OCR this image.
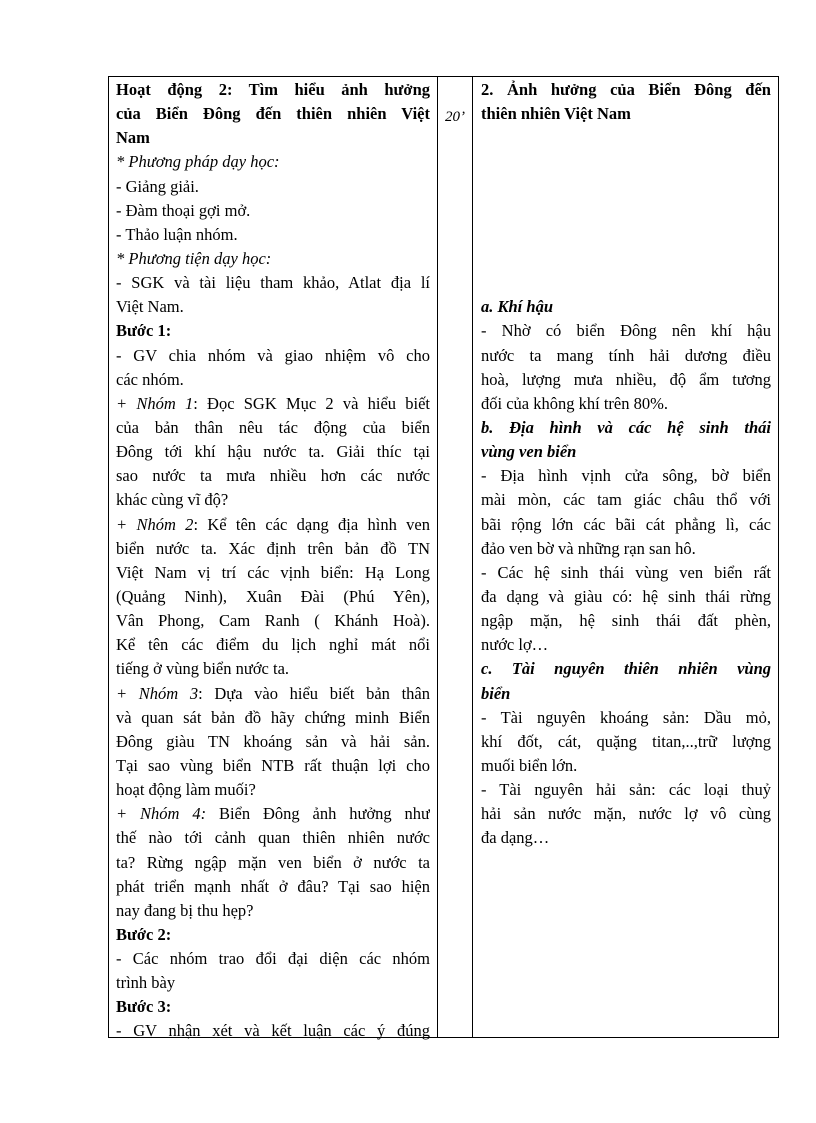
Hoạt động 2: Tìm hiểu ảnh hưởng
của Biển Đông đến thiên nhiên Việt
Nam
* Phương pháp dạy học:
- Giảng giải.
- Đàm thoại gợi mở.
- Thảo luận nhóm.
* Phương tiện dạy học:
- SGK và tài liệu tham khảo, Atlat địa lí
Việt Nam.
Bước 1:
- GV chia nhóm và giao nhiệm vô cho
các nhóm.
+ Nhóm 1: Đọc SGK Mục 2 và hiểu biết
của bản thân nêu tác động của biển
Đông tới khí hậu nước ta. Giải thíc tại
sao nước ta mưa nhiều hơn các nước
khác cùng vĩ độ?
+ Nhóm 2: Kể tên các dạng địa hình ven
biển nước ta. Xác định trên bản đồ TN
Việt Nam vị trí các vịnh biển: Hạ Long
(Quảng Ninh), Xuân Đài (Phú Yên),
Vân Phong, Cam Ranh ( Khánh Hoà).
Kể tên các điểm du lịch nghỉ mát nổi
tiếng ở vùng biển nước ta.
+ Nhóm 3: Dựa vào hiểu biết bản thân
và quan sát bản đồ hãy chứng minh Biển
Đông giàu TN khoáng sản và hải sản.
Tại sao vùng biển NTB rất thuận lợi cho
hoạt động làm muối?
+ Nhóm 4: Biển Đông ảnh hưởng như
thế nào tới cảnh quan thiên nhiên nước
ta? Rừng ngập mặn ven biển ở nước ta
phát triển mạnh nhất ở đâu? Tại sao hiện
nay đang bị thu hẹp?
Bước 2:
- Các nhóm trao đổi đại diện các nhóm
trình bày
Bước 3:
- GV nhận xét và kết luận các ý đúng
20’
2. Ảnh hưởng của Biển Đông đến
thiên nhiên Việt Nam
a. Khí hậu
- Nhờ có biển Đông nên khí hậu
nước ta mang tính hải dương điều
hoà, lượng mưa nhiều, độ ẩm tương
đối của không khí trên 80%.
b. Địa hình và các hệ sinh thái
vùng ven biển
- Địa hình vịnh cửa sông, bờ biển
mài mòn, các tam giác châu thổ với
bãi rộng lớn các bãi cát phẳng lì, các
đảo ven bờ và những rạn san hô.
- Các hệ sinh thái vùng ven biển rất
đa dạng và giàu có: hệ sinh thái rừng
ngập mặn, hệ sinh thái đất phèn,
nước lợ…
c. Tài nguyên thiên nhiên vùng
biển
- Tài nguyên khoáng sản: Dầu mỏ,
khí đốt, cát, quặng titan,..,trữ lượng
muối biển lớn.
- Tài nguyên hải sản: các loại thuỷ
hải sản nước mặn, nước lợ vô cùng
đa dạng…
